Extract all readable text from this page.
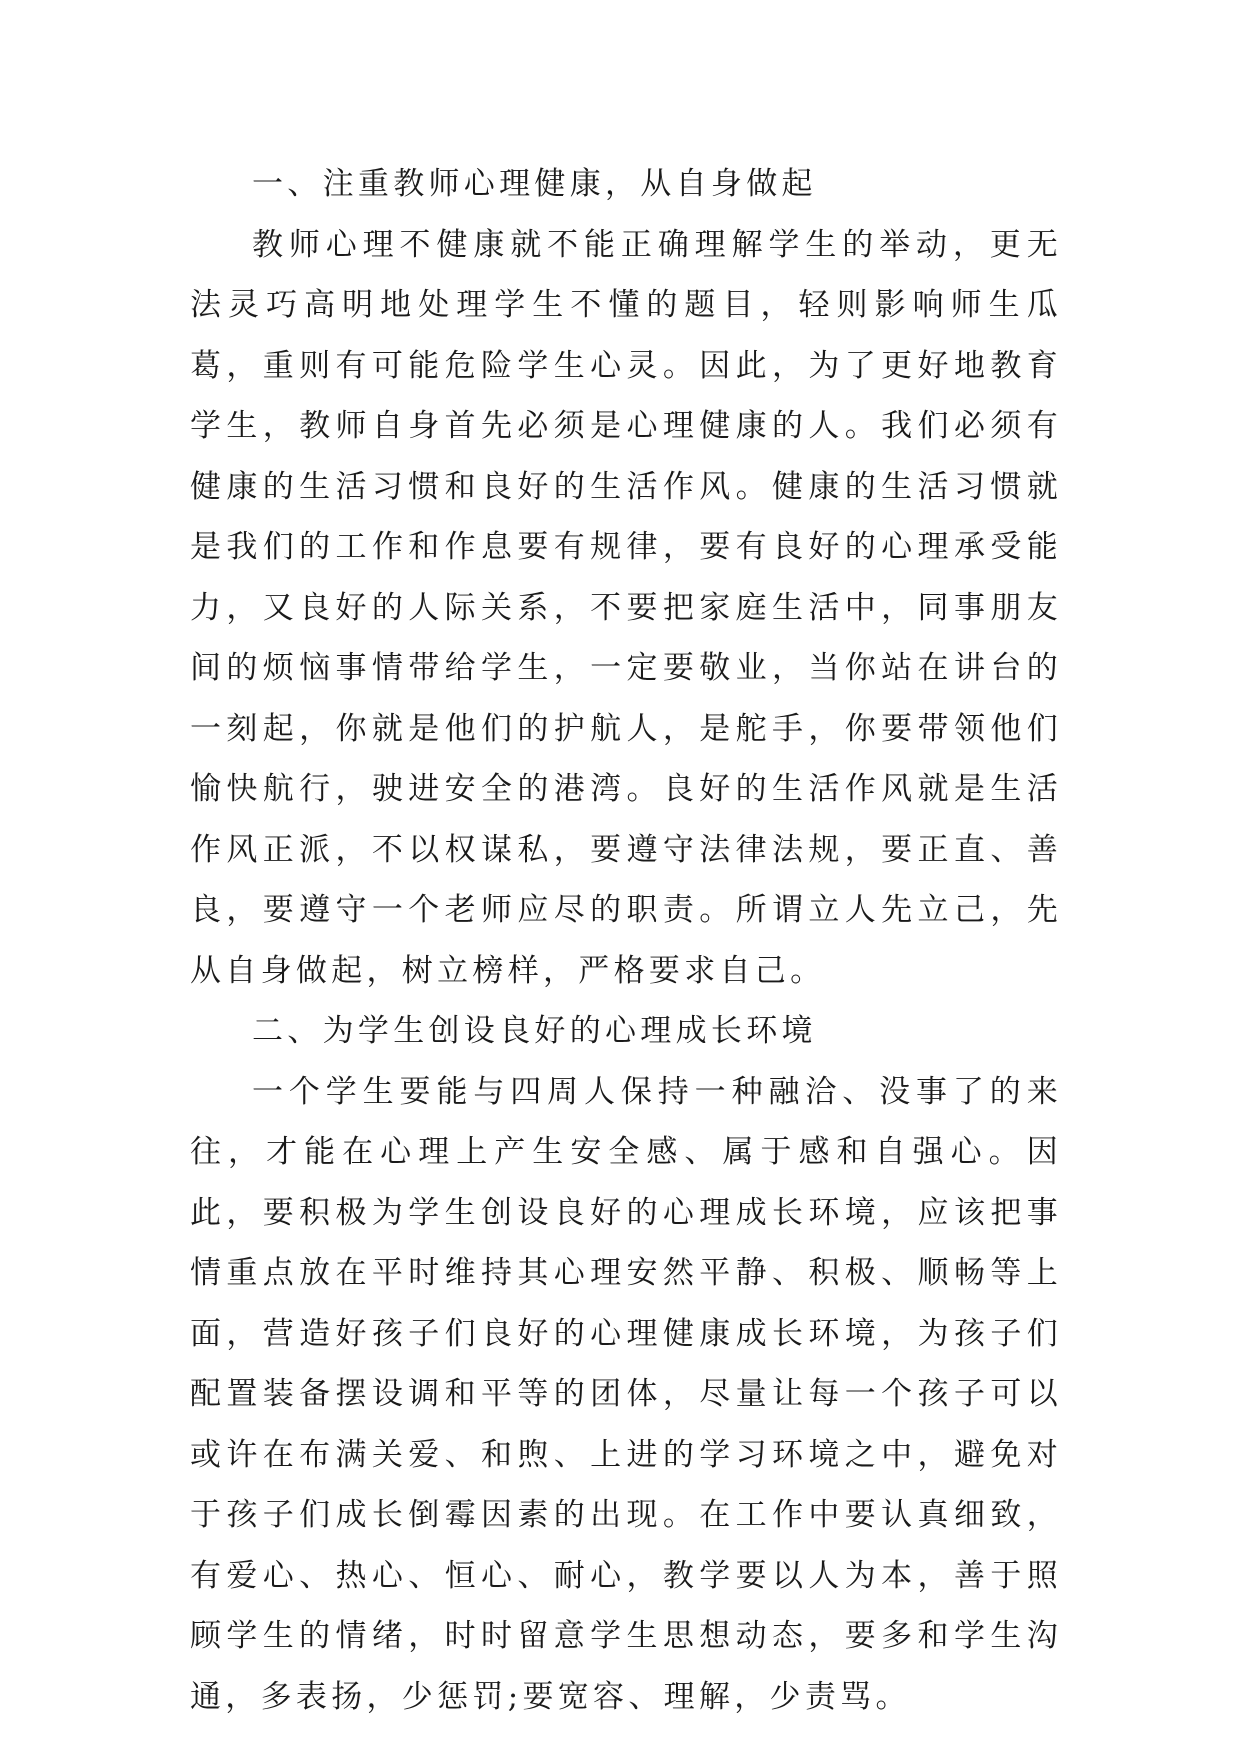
一、注重教师心理健康，从自身做起

教师心理不健康就不能正确理解学生的举动，更无法灵巧高明地处理学生不懂的题目，轻则影响师生瓜葛，重则有可能危险学生心灵。因此，为了更好地教育学生，教师自身首先必须是心理健康的人。我们必须有健康的生活习惯和良好的生活作风。健康的生活习惯就是我们的工作和作息要有规律，要有良好的心理承受能力，又良好的人际关系，不要把家庭生活中，同事朋友间的烦恼事情带给学生，一定要敬业，当你站在讲台的一刻起，你就是他们的护航人，是舵手，你要带领他们愉快航行，驶进安全的港湾。良好的生活作风就是生活作风正派，不以权谋私，要遵守法律法规，要正直、善良，要遵守一个老师应尽的职责。所谓立人先立己，先从自身做起，树立榜样，严格要求自己。

二、为学生创设良好的心理成长环境

一个学生要能与四周人保持一种融洽、没事了的来往，才能在心理上产生安全感、属于感和自强心。因此，要积极为学生创设良好的心理成长环境，应该把事情重点放在平时维持其心理安然平静、积极、顺畅等上面，营造好孩子们良好的心理健康成长环境，为孩子们配置装备摆设调和平等的团体，尽量让每一个孩子可以或许在布满关爱、和煦、上进的学习环境之中，避免对于孩子们成长倒霉因素的出现。在工作中要认真细致，有爱心、热心、恒心、耐心，教学要以人为本，善于照顾学生的情绪，时时留意学生思想动态，要多和学生沟通，多表扬，少惩罚;要宽容、理解，少责骂。
